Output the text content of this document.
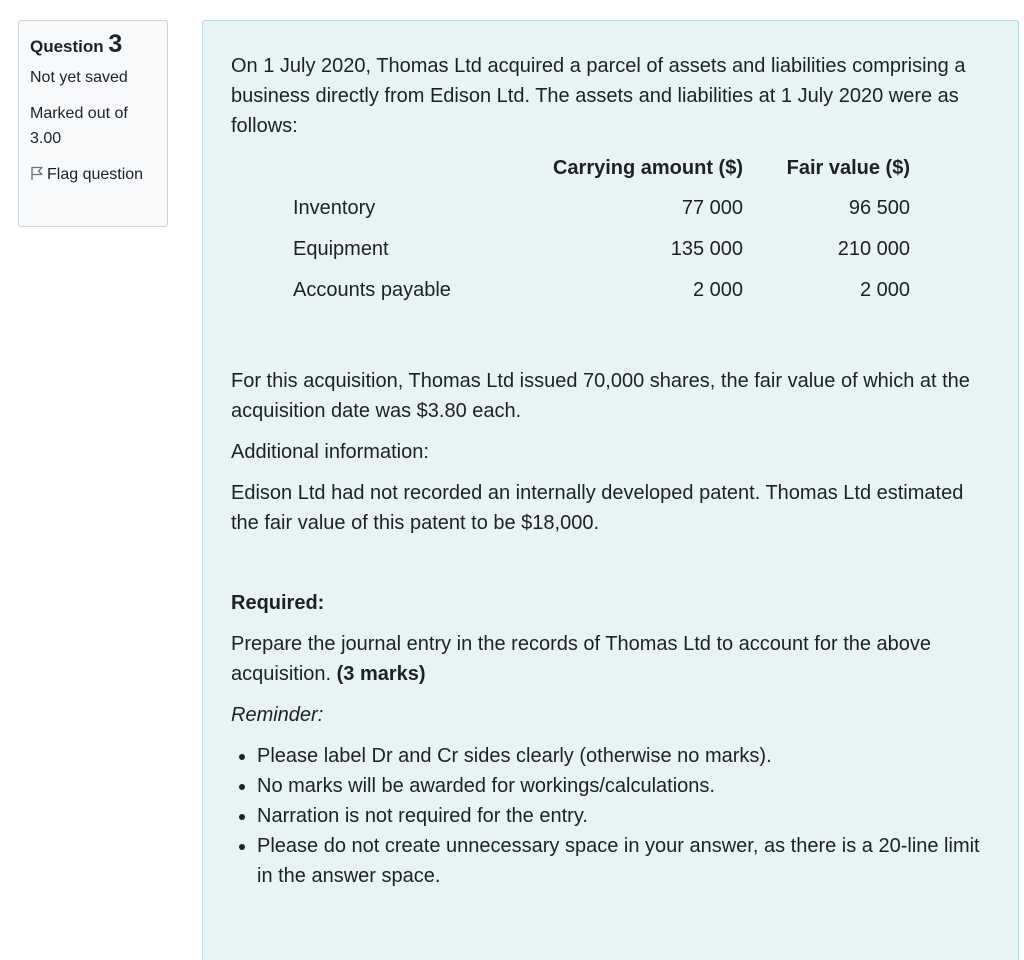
Question 3
Not yet saved
Marked out of 3.00
Flag question

On 1 July 2020, Thomas Ltd acquired a parcel of assets and liabilities comprising a business directly from Edison Ltd. The assets and liabilities at 1 July 2020 were as follows:

	Carrying amount ($)	Fair value ($)
Inventory	77 000	96 500
Equipment	135 000	210 000
Accounts payable	2 000	2 000

For this acquisition, Thomas Ltd issued 70,000 shares, the fair value of which at the acquisition date was $3.80 each.

Additional information:

Edison Ltd had not recorded an internally developed patent. Thomas Ltd estimated the fair value of this patent to be $18,000.

Required:

Prepare the journal entry in the records of Thomas Ltd to account for the above acquisition. (3 marks)

Reminder:

• Please label Dr and Cr sides clearly (otherwise no marks).
• No marks will be awarded for workings/calculations.
• Narration is not required for the entry.
• Please do not create unnecessary space in your answer, as there is a 20-line limit in the answer space.
